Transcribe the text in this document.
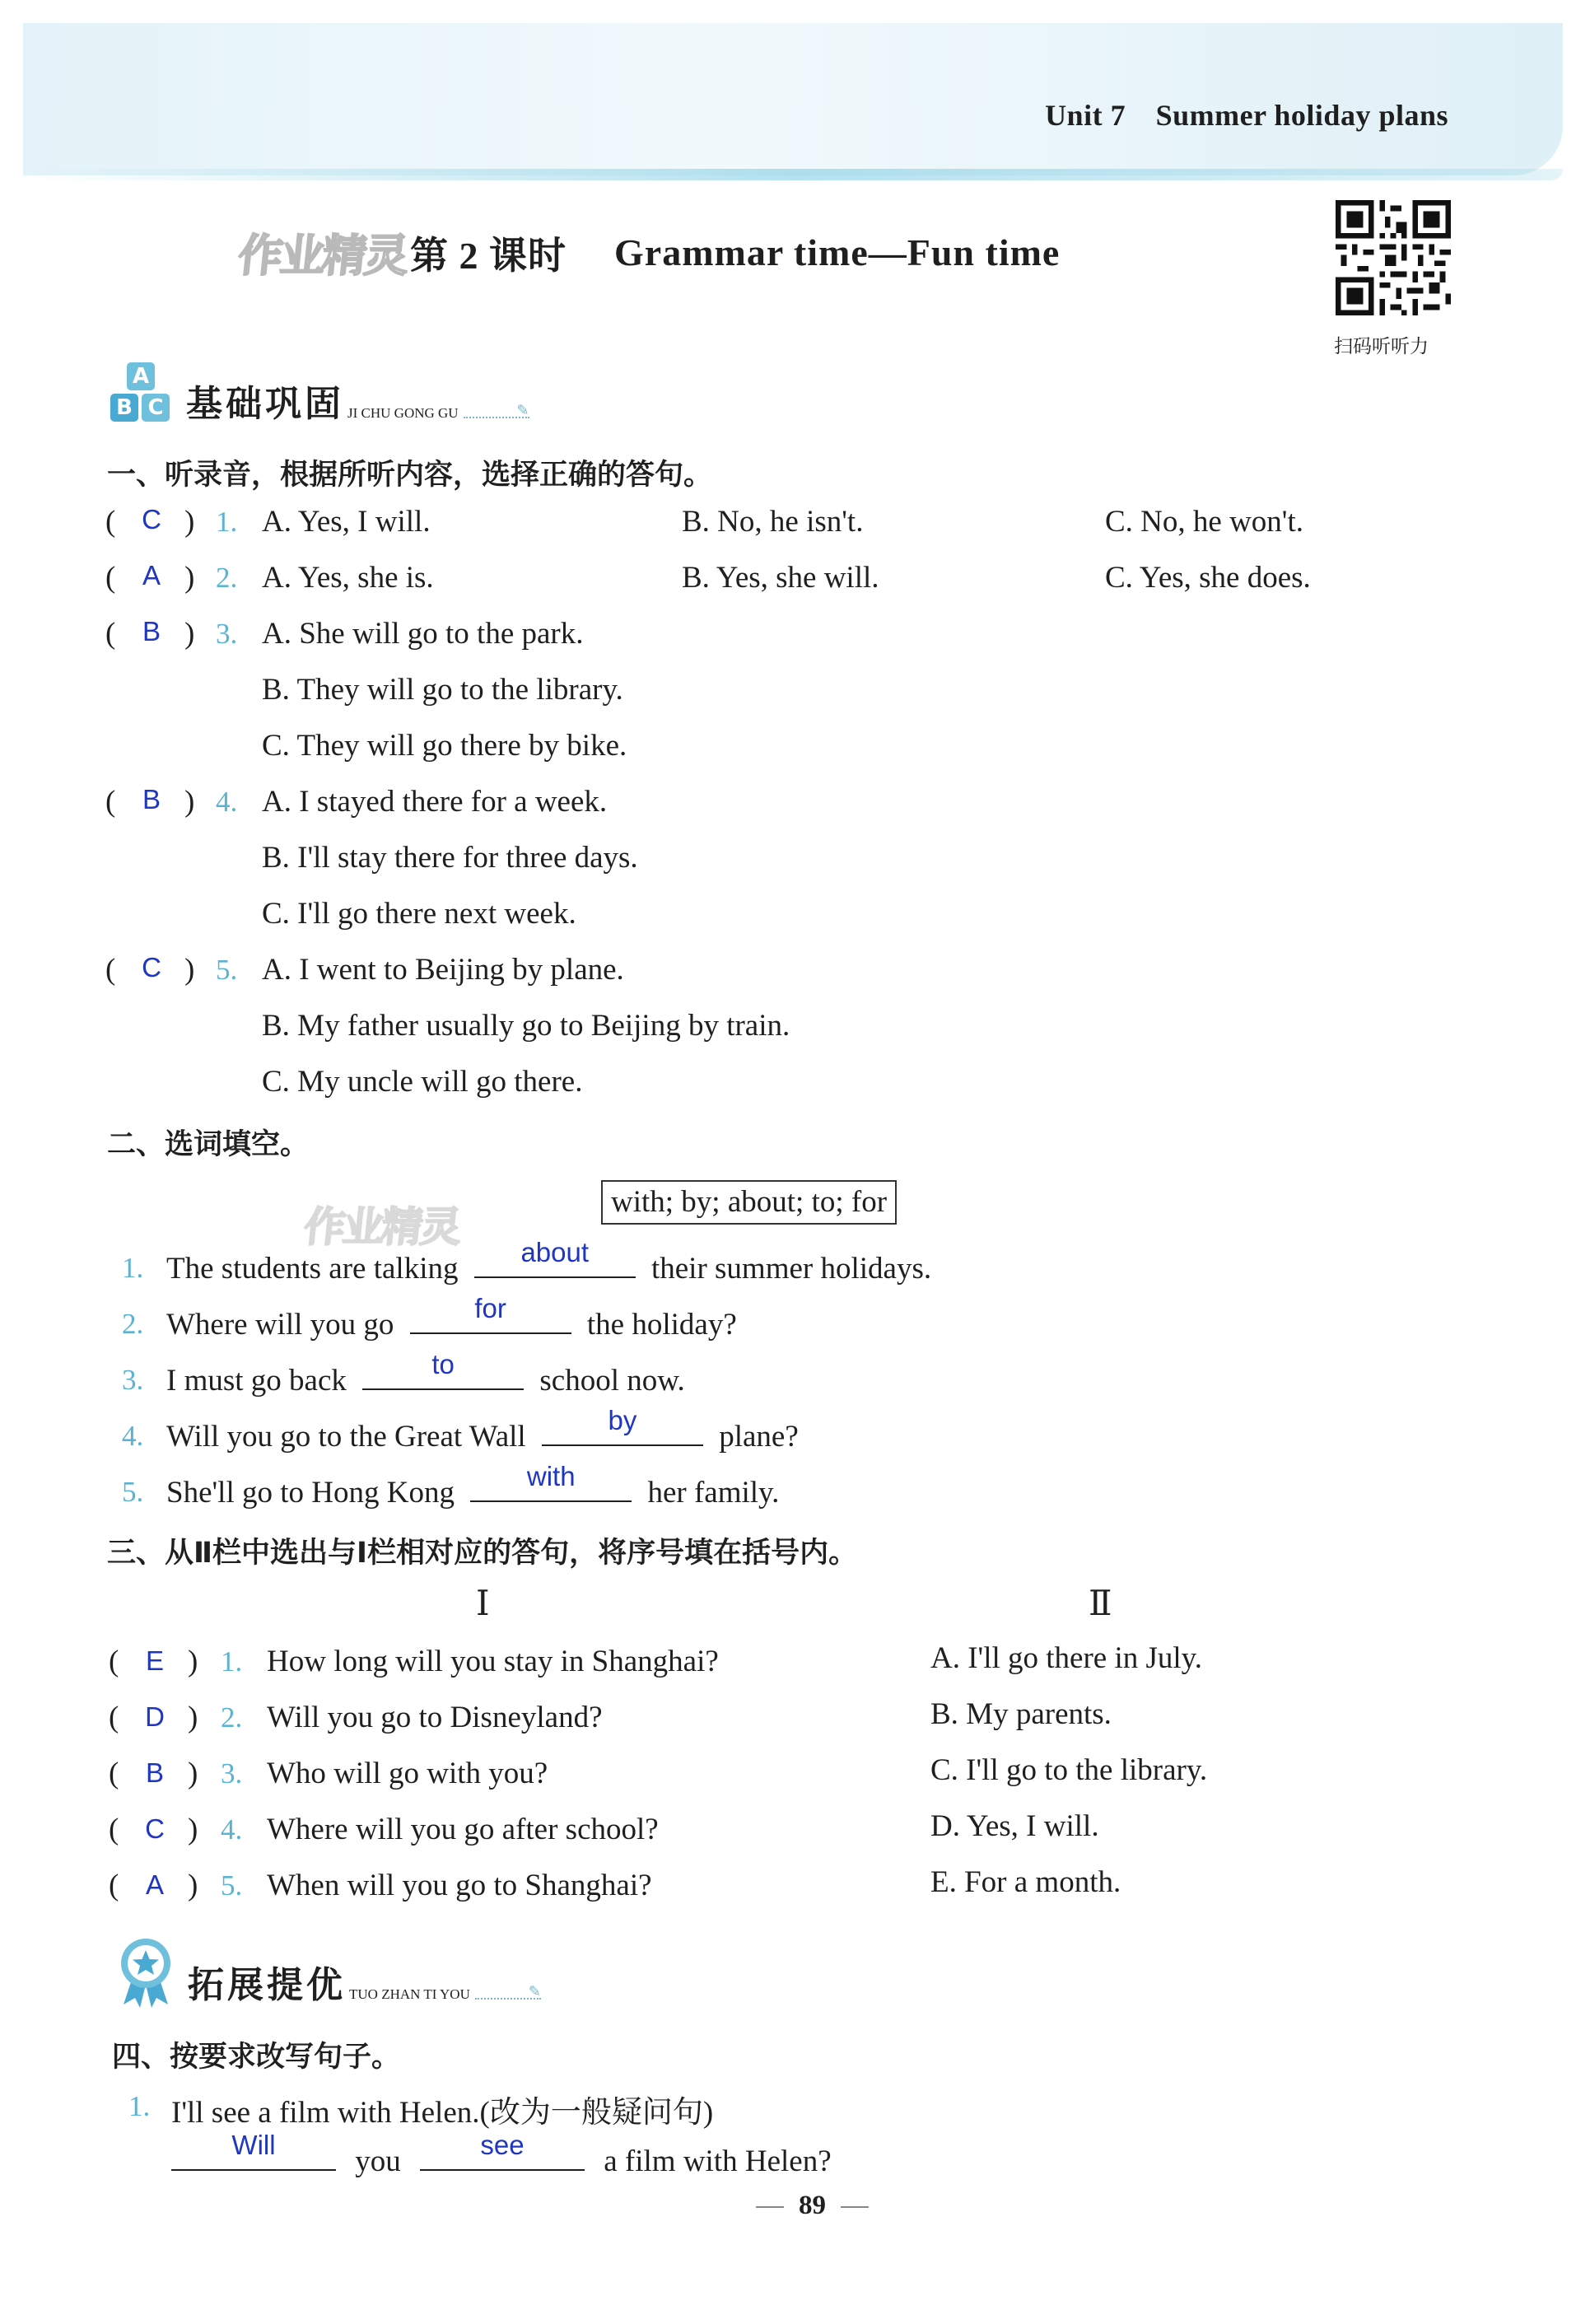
Unit 7　Summer holiday plans
作业精灵 第 2 课时 Grammar time—Fun time
扫码听听力
A
B C 基础巩固 JI CHU GONG GU
✎
一、听录音，根据所听内容，选择正确的答句。
( C ) 1. A. Yes, I will.	B. No, he isn't.	C. No, he won't.
( A ) 2. A. Yes, she is.	B. Yes, she will.	C. Yes, she does.
( B ) 3. A. She will go to the park.
B. They will go to the library.
C. They will go there by bike.
( B ) 4. A. I stayed there for a week.
B. I'll stay there for three days.
C. I'll go there next week.
( C ) 5. A. I went to Beijing by plane.
B. My father usually go to Beijing by train.
C. My uncle will go there.
二、选词填空。
with; by; about; to; for
作业精灵
1. The students are talking	about	their summer holidays.
2. Where will you go	for	the holiday?
3. I must go back	to	school now.
4. Will you go to the Great Wall	by	plane?
5. She'll go to Hong Kong	with	her family.
三、从Ⅱ栏中选出与Ⅰ栏相对应的答句，将序号填在括号内。
Ⅰ	Ⅱ
( E ) 1. How long will you stay in Shanghai?	A. I'll go there in July.
( D ) 2. Will you go to Disneyland?	B. My parents.
( B ) 3. Who will go with you?	C. I'll go to the library.
( C ) 4. Where will you go after school?	D. Yes, I will.
( A ) 5. When will you go to Shanghai?	E. For a month.
拓展提优 TUO ZHAN TI YOU
✎
四、按要求改写句子。
1. I'll see a film with Helen.(改为一般疑问句)
Will	you	see	a film with Helen?
89
